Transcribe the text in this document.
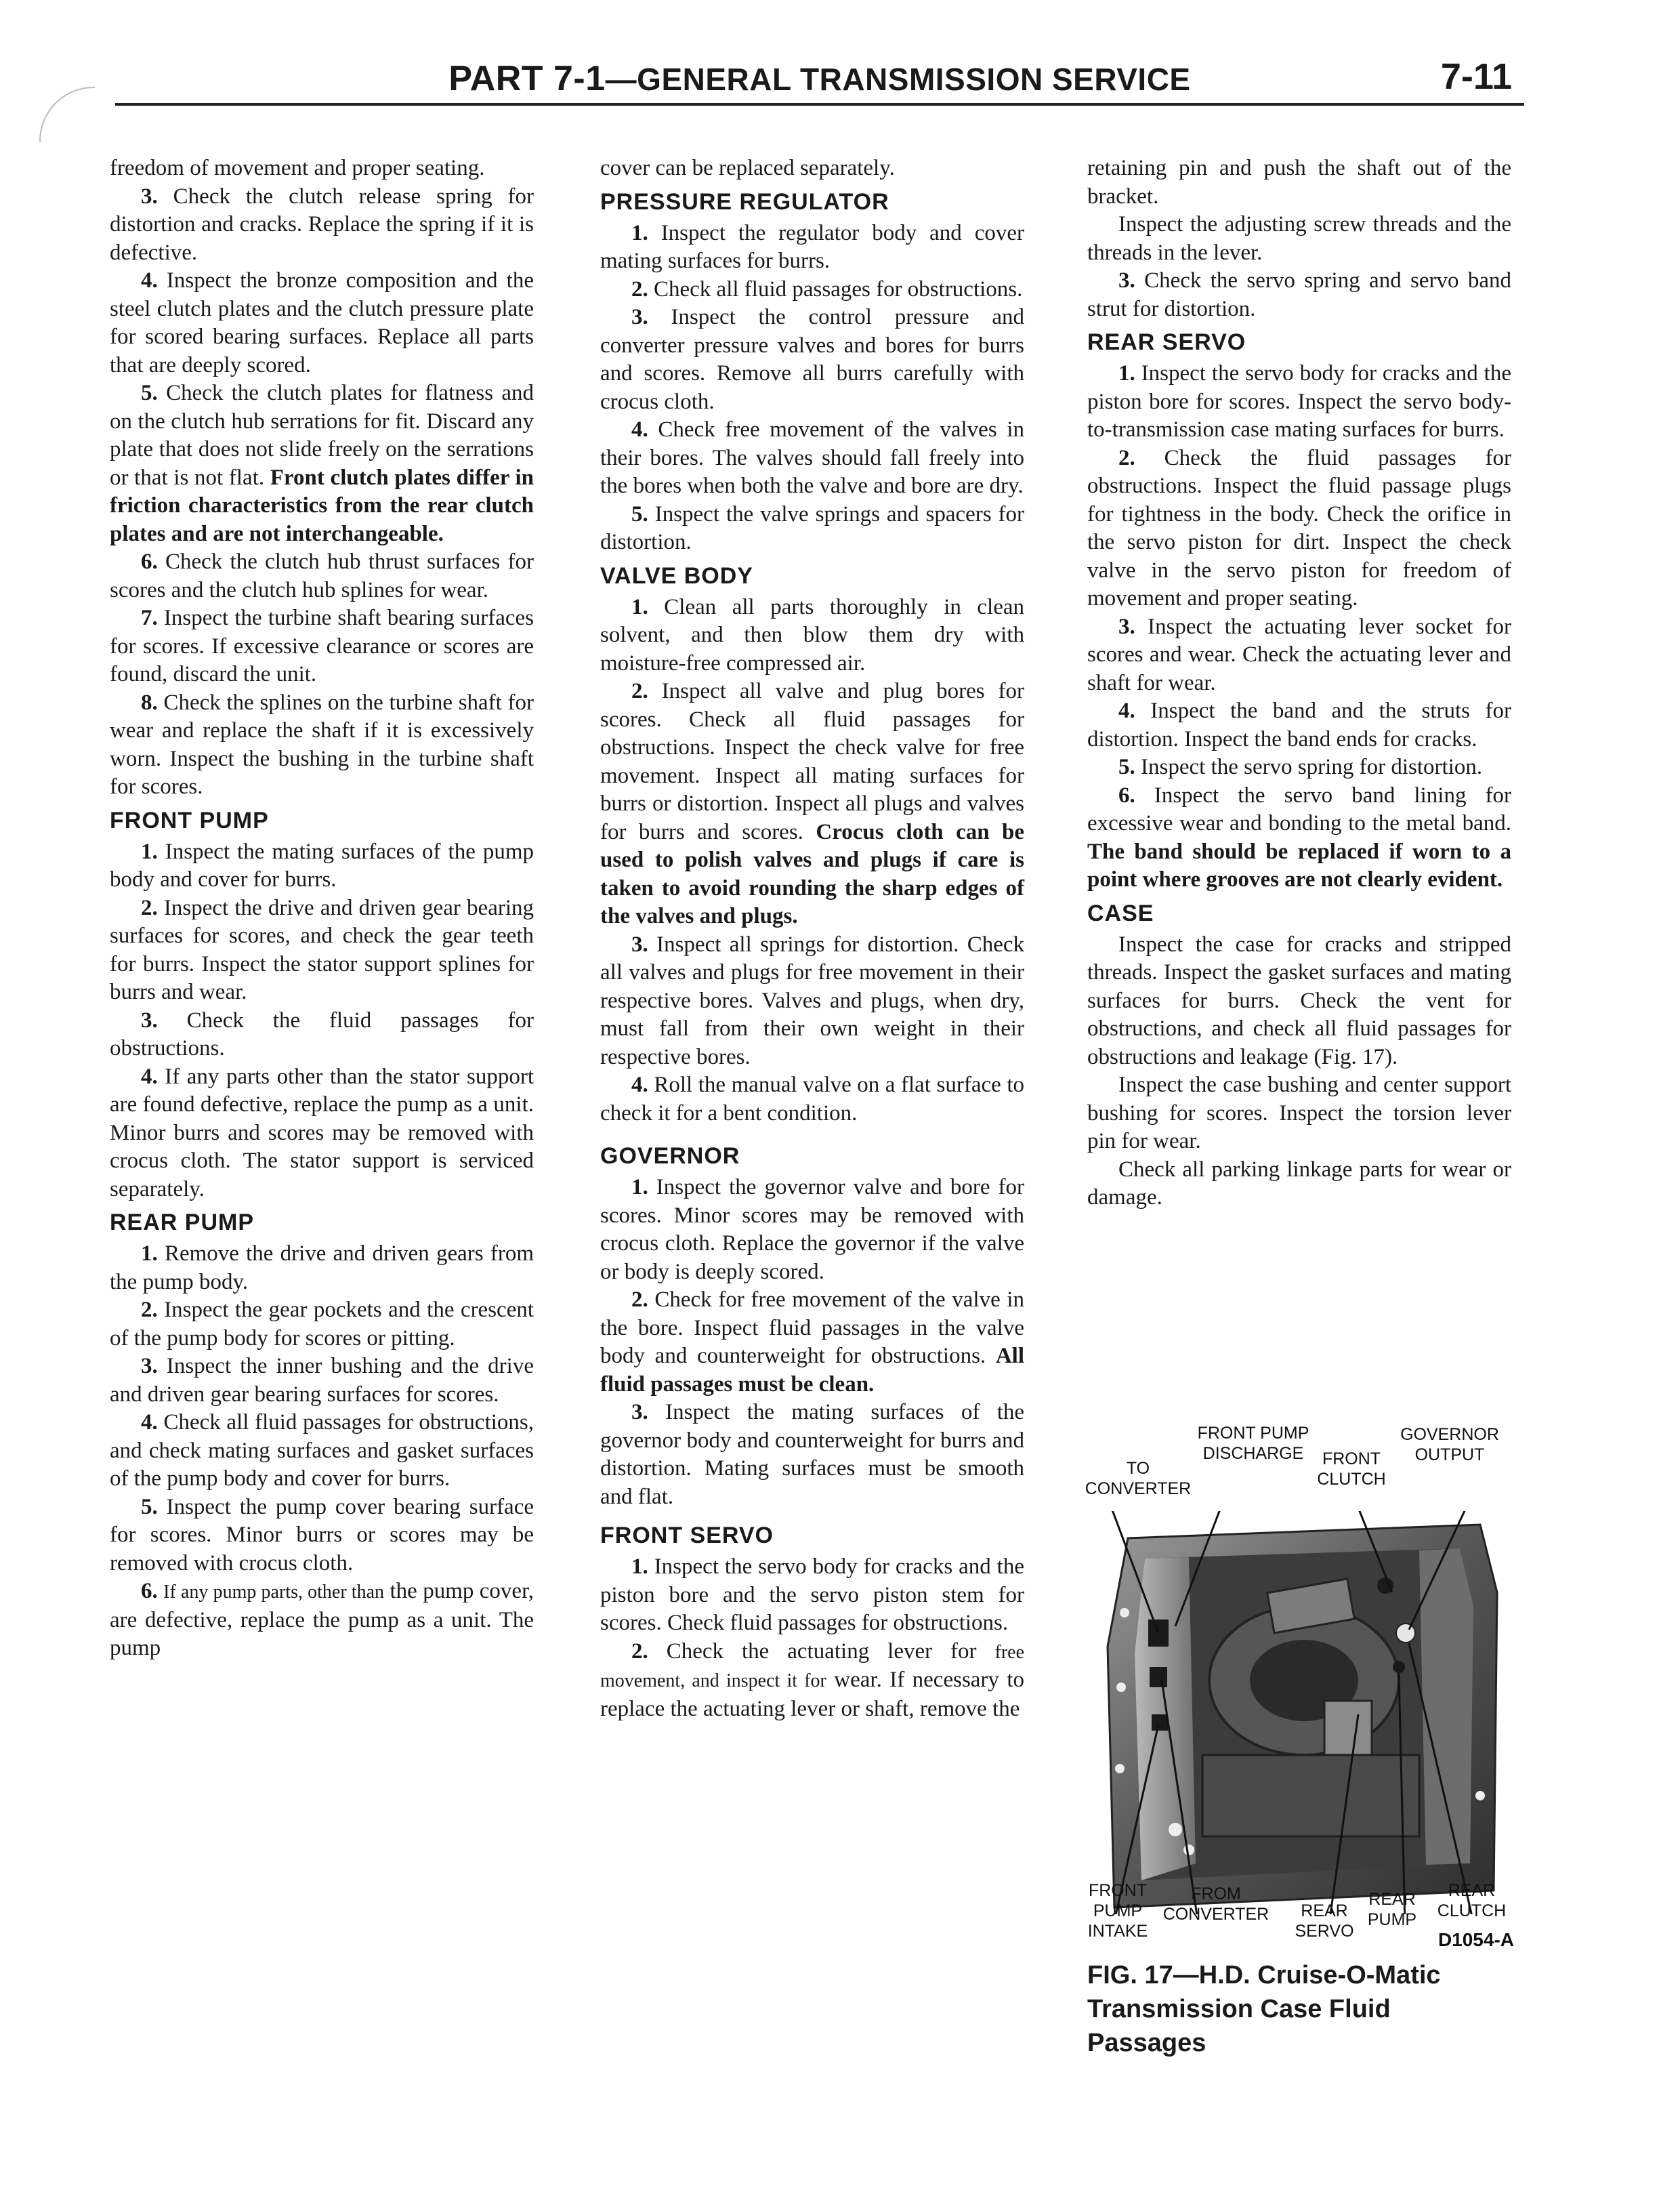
PART 7-1—GENERAL TRANSMISSION SERVICE	7-11

freedom of movement and proper seating.

3. Check the clutch release spring for distortion and cracks. Replace the spring if it is defective.

4. Inspect the bronze composition and the steel clutch plates and the clutch pressure plate for scored bearing surfaces. Replace all parts that are deeply scored.

5. Check the clutch plates for flatness and on the clutch hub serrations for fit. Discard any plate that does not slide freely on the serrations or that is not flat. Front clutch plates differ in friction characteristics from the rear clutch plates and are not interchangeable.

6. Check the clutch hub thrust surfaces for scores and the clutch hub splines for wear.

7. Inspect the turbine shaft bearing surfaces for scores. If excessive clearance or scores are found, discard the unit.

8. Check the splines on the turbine shaft for wear and replace the shaft if it is excessively worn. Inspect the bushing in the turbine shaft for scores.

FRONT PUMP

1. Inspect the mating surfaces of the pump body and cover for burrs.

2. Inspect the drive and driven gear bearing surfaces for scores, and check the gear teeth for burrs. Inspect the stator support splines for burrs and wear.

3. Check the fluid passages for obstructions.

4. If any parts other than the stator support are found defective, replace the pump as a unit. Minor burrs and scores may be removed with crocus cloth. The stator support is serviced separately.

REAR PUMP

1. Remove the drive and driven gears from the pump body.

2. Inspect the gear pockets and the crescent of the pump body for scores or pitting.

3. Inspect the inner bushing and the drive and driven gear bearing surfaces for scores.

4. Check all fluid passages for obstructions, and check mating surfaces and gasket surfaces of the pump body and cover for burrs.

5. Inspect the pump cover bearing surface for scores. Minor burrs or scores may be removed with crocus cloth.

6. If any pump parts, other than the pump cover, are defective, replace the pump as a unit. The pump

cover can be replaced separately.

PRESSURE REGULATOR

1. Inspect the regulator body and cover mating surfaces for burrs.

2. Check all fluid passages for obstructions.

3. Inspect the control pressure and converter pressure valves and bores for burrs and scores. Remove all burrs carefully with crocus cloth.

4. Check free movement of the valves in their bores. The valves should fall freely into the bores when both the valve and bore are dry.

5. Inspect the valve springs and spacers for distortion.

VALVE BODY

1. Clean all parts thoroughly in clean solvent, and then blow them dry with moisture-free compressed air.

2. Inspect all valve and plug bores for scores. Check all fluid passages for obstructions. Inspect the check valve for free movement. Inspect all mating surfaces for burrs or distortion. Inspect all plugs and valves for burrs and scores. Crocus cloth can be used to polish valves and plugs if care is taken to avoid rounding the sharp edges of the valves and plugs.

3. Inspect all springs for distortion. Check all valves and plugs for free movement in their respective bores. Valves and plugs, when dry, must fall from their own weight in their respective bores.

4. Roll the manual valve on a flat surface to check it for a bent condition.

GOVERNOR

1. Inspect the governor valve and bore for scores. Minor scores may be removed with crocus cloth. Replace the governor if the valve or body is deeply scored.

2. Check for free movement of the valve in the bore. Inspect fluid passages in the valve body and counterweight for obstructions. All fluid passages must be clean.

3. Inspect the mating surfaces of the governor body and counterweight for burrs and distortion. Mating surfaces must be smooth and flat.

FRONT SERVO

1. Inspect the servo body for cracks and the piston bore and the servo piston stem for scores. Check fluid passages for obstructions.

2. Check the actuating lever for free movement, and inspect it for wear. If necessary to replace the actuating lever or shaft, remove the

retaining pin and push the shaft out of the bracket.

Inspect the adjusting screw threads and the threads in the lever.

3. Check the servo spring and servo band strut for distortion.

REAR SERVO

1. Inspect the servo body for cracks and the piston bore for scores. Inspect the servo body-to-transmission case mating surfaces for burrs.

2. Check the fluid passages for obstructions. Inspect the fluid passage plugs for tightness in the body. Check the orifice in the servo piston for dirt. Inspect the check valve in the servo piston for freedom of movement and proper seating.

3. Inspect the actuating lever socket for scores and wear. Check the actuating lever and shaft for wear.

4. Inspect the band and the struts for distortion. Inspect the band ends for cracks.

5. Inspect the servo spring for distortion.

6. Inspect the servo band lining for excessive wear and bonding to the metal band. The band should be replaced if worn to a point where grooves are not clearly evident.

CASE

Inspect the case for cracks and stripped threads. Inspect the gasket surfaces and mating surfaces for burrs. Check the vent for obstructions, and check all fluid passages for obstructions and leakage (Fig. 17).

Inspect the case bushing and center support bushing for scores. Inspect the torsion lever pin for wear.

Check all parking linkage parts for wear or damage.

FRONT PUMP
DISCHARGE
GOVERNOR
OUTPUT
TO
CONVERTER
FRONT
CLUTCH
FRONT
PUMP
INTAKE
FROM
CONVERTER	REAR
SERVO
REAR
PUMP
REAR
CLUTCH
D1054-A
FIG. 17—H.D. Cruise-O-Matic
Transmission Case Fluid Passages
